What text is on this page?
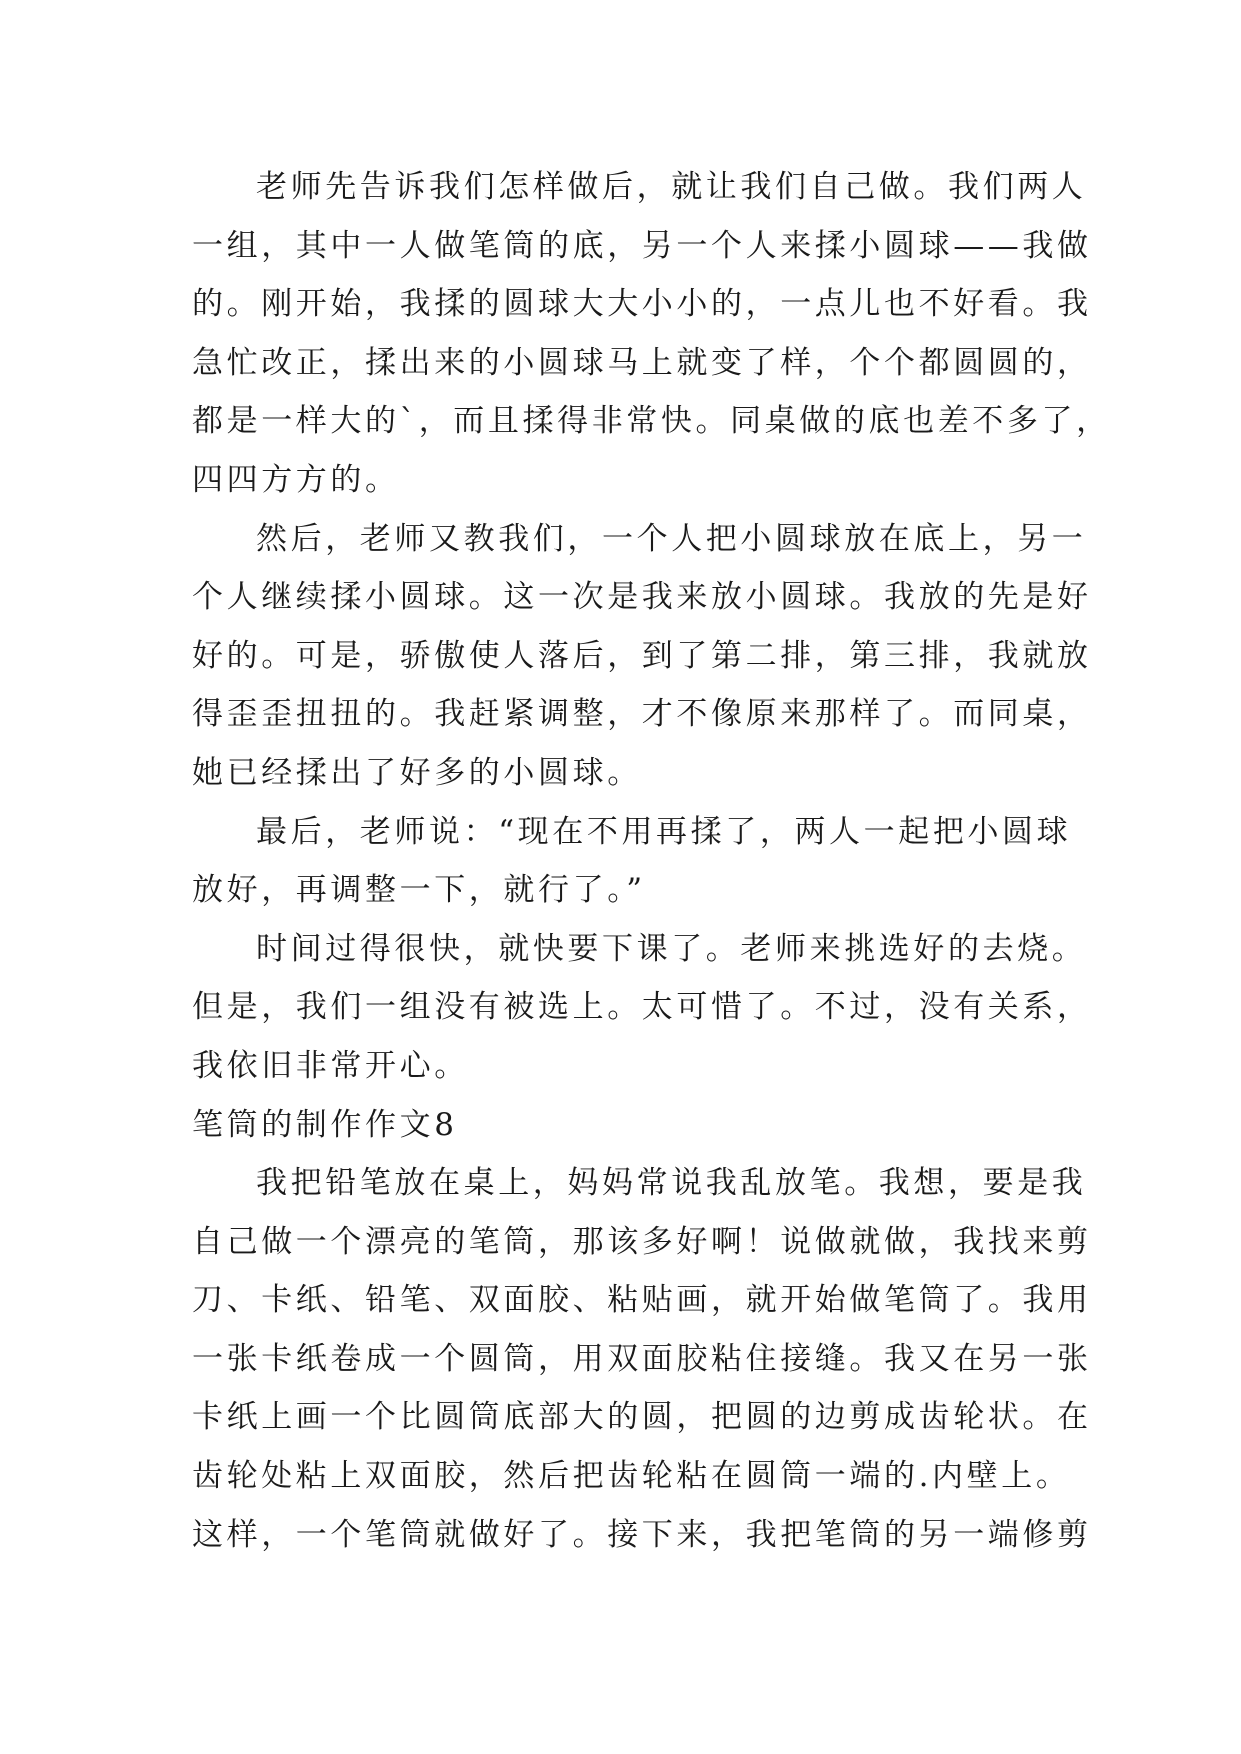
老师先告诉我们怎样做后，就让我们自己做。我们两人
一组，其中一人做笔筒的底，另一个人来揉小圆球——我做
的。刚开始，我揉的圆球大大小小的，一点儿也不好看。我
急忙改正，揉出来的小圆球马上就变了样，个个都圆圆的，
都是一样大的`，而且揉得非常快。同桌做的底也差不多了，
四四方方的。
然后，老师又教我们，一个人把小圆球放在底上，另一
个人继续揉小圆球。这一次是我来放小圆球。我放的先是好
好的。可是，骄傲使人落后，到了第二排，第三排，我就放
得歪歪扭扭的。我赶紧调整，才不像原来那样了。而同桌，
她已经揉出了好多的小圆球。
最后，老师说：“现在不用再揉了，两人一起把小圆球
放好，再调整一下，就行了。”
时间过得很快，就快要下课了。老师来挑选好的去烧。
但是，我们一组没有被选上。太可惜了。不过，没有关系，
我依旧非常开心。
笔筒的制作作文8
我把铅笔放在桌上，妈妈常说我乱放笔。我想，要是我
自己做一个漂亮的笔筒，那该多好啊！说做就做，我找来剪
刀、卡纸、铅笔、双面胶、粘贴画，就开始做笔筒了。我用
一张卡纸卷成一个圆筒，用双面胶粘住接缝。我又在另一张
卡纸上画一个比圆筒底部大的圆，把圆的边剪成齿轮状。在
齿轮处粘上双面胶，然后把齿轮粘在圆筒一端的.内壁上。
这样，一个笔筒就做好了。接下来，我把笔筒的另一端修剪
